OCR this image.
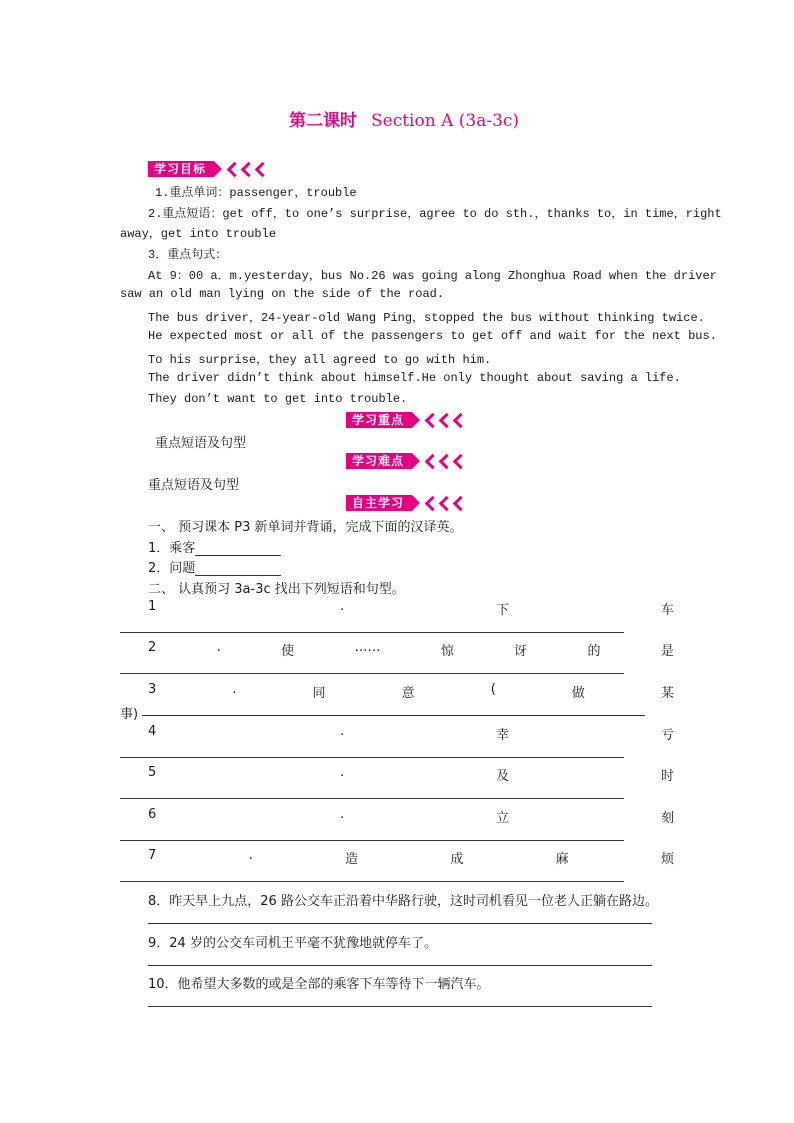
第二课时 Section A (3a-3c)
学习目标
1.重点单词：passenger，trouble
2.重点短语：get off，to one’s surprise，agree to do sth.，thanks to，in time，right
away，get into trouble
3．重点句式：
At 9：00 a．m.yesterday，bus No.26 was going along Zhonghua Road when the driver
saw an old man lying on the side of the road.
The bus driver，24-year-old Wang Ping，stopped the bus without thinking twice.
He expected most or all of the passengers to get off and wait for the next bus.
To his surprise，they all agreed to go with him.
The driver didn’t think about himself.He only thought about saving a life.
They don’t want to get into trouble.
学习重点
重点短语及句型
学习难点
重点短语及句型
自主学习
一、 预习课本 P3 新单词并背诵，完成下面的汉译英。
1．乘客
2．问题
二、 认真预习 3a-3c 找出下列短语和句型。
1	.	下	车
2	.	使	……	惊	讶	的	是
3	.	同	意	(	做	某
事)
4	.	幸	亏
5	.	及	时
6	.	立	刻
7	.	造	成	麻	烦
8．昨天早上九点，26 路公交车正沿着中华路行驶，这时司机看见一位老人正躺在路边。
9．24 岁的公交车司机王平毫不犹豫地就停车了。
10．他希望大多数的或是全部的乘客下车等待下一辆汽车。
